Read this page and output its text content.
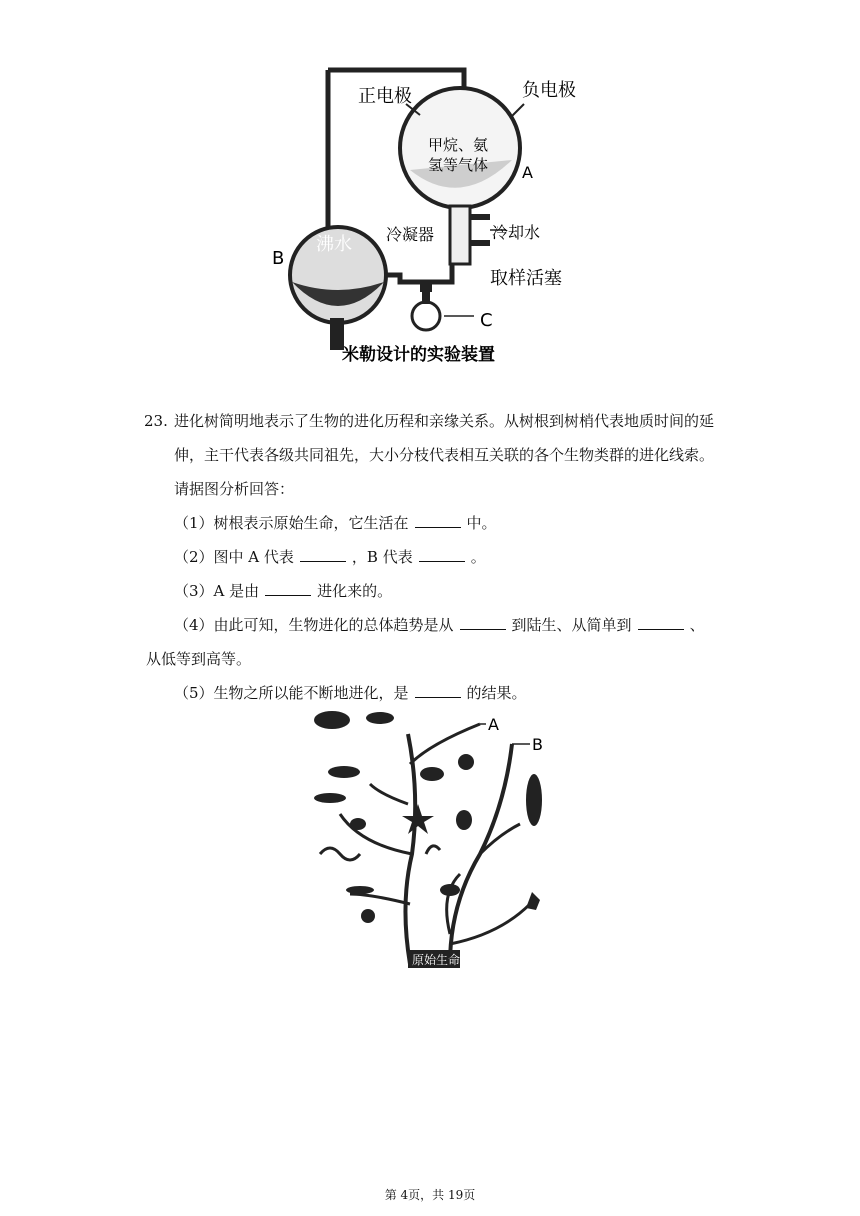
正电极	负电极
甲烷、氨
氢等气体 A
B
沸水 冷凝器	冷却水
取样活塞
C
米勒设计的实验装置
23. 进化树简明地表示了生物的进化历程和亲缘关系。从树根到树梢代表地质时间的延

伸，主干代表各级共同祖先，大小分枝代表相互关联的各个生物类群的进化线索。

请据图分析回答：

（1）树根表示原始生命，它生活在	中。

（2）图中 A 代表	，B 代表	。

（3）A 是由	进化来的。

（4）由此可知，生物进化的总体趋势是从	到陆生、从简单到	、

从低等到高等。

（5）生物之所以能不断地进化，是	的结果。

A
B
原始生命
第 4页，共 19页
